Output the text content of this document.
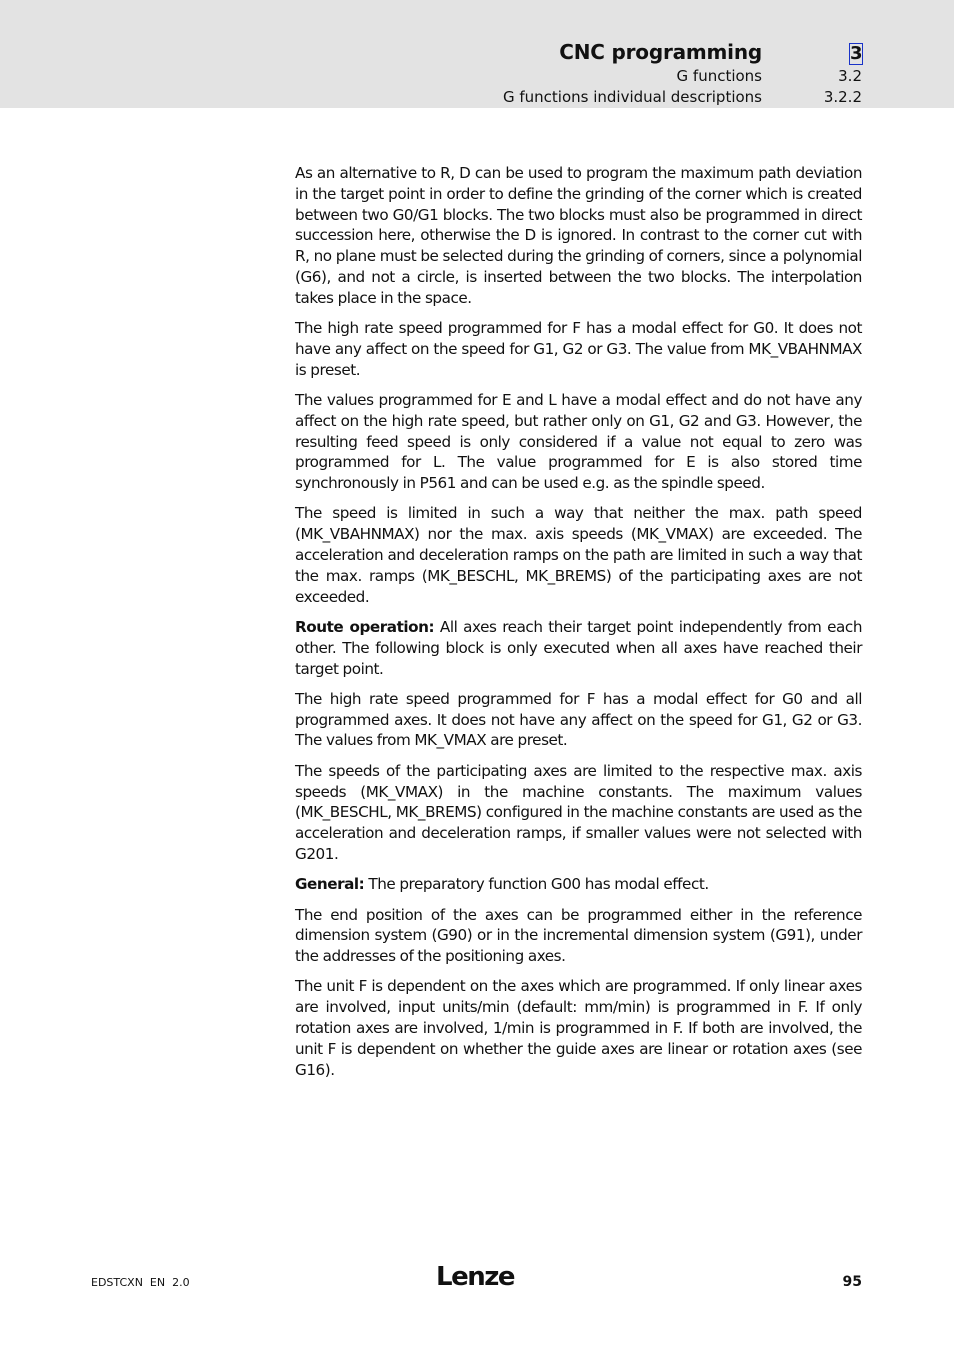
CNC programming	3
G functions	3.2
G functions individual descriptions	3.2.2

As an alternative to R, D can be used to program the maximum path deviation in the target point in order to define the grinding of the corner which is created between two G0/G1 blocks. The two blocks must also be programmed in direct succession here, otherwise the D is ignored. In contrast to the corner cut with R, no plane must be selected during the grinding of corners, since a polynomial (G6), and not a circle, is inserted between the two blocks. The interpolation takes place in the space.

The high rate speed programmed for F has a modal effect for G0. It does not have any affect on the speed for G1, G2 or G3. The value from MK_VBAHNMAX is preset.

The values programmed for E and L have a modal effect and do not have any affect on the high rate speed, but rather only on G1, G2 and G3. However, the resulting feed speed is only considered if a value not equal to zero was programmed for L. The value programmed for E is also stored time synchronously in P561 and can be used e.g. as the spindle speed.

The speed is limited in such a way that neither the max. path speed (MK_VBAHNMAX) nor the max. axis speeds (MK_VMAX) are exceeded. The acceleration and deceleration ramps on the path are limited in such a way that the max. ramps (MK_BESCHL, MK_BREMS) of the participating axes are not exceeded.

Route operation: All axes reach their target point independently from each other. The following block is only executed when all axes have reached their target point.

The high rate speed programmed for F has a modal effect for G0 and all programmed axes. It does not have any affect on the speed for G1, G2 or G3. The values from MK_VMAX are preset.

The speeds of the participating axes are limited to the respective max. axis speeds (MK_VMAX) in the machine constants. The maximum values (MK_BESCHL, MK_BREMS) configured in the machine constants are used as the acceleration and deceleration ramps, if smaller values were not selected with G201.

General: The preparatory function G00 has modal effect.

The end position of the axes can be programmed either in the reference dimension system (G90) or in the incremental dimension system (G91), under the addresses of the positioning axes.

The unit F is dependent on the axes which are programmed. If only linear axes are involved, input units/min (default: mm/min) is programmed in F. If only rotation axes are involved, 1/min is programmed in F. If both are involved, the unit F is dependent on whether the guide axes are linear or rotation axes (see G16).

EDSTCXN  EN  2.0	Lenze	95
